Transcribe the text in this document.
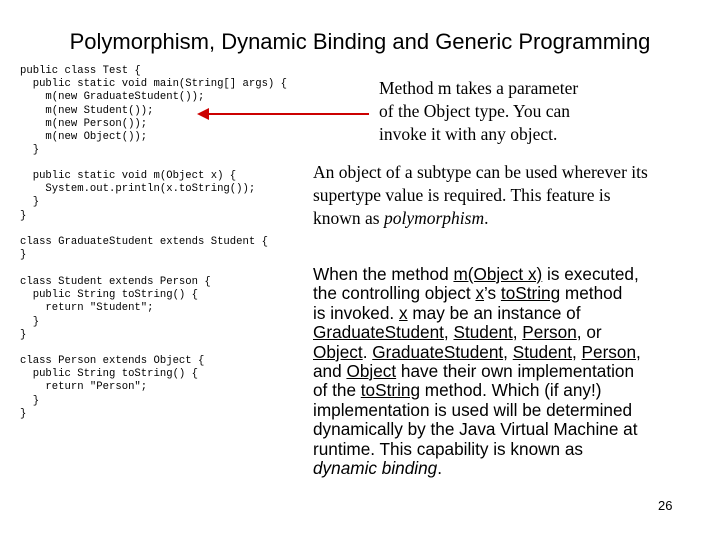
Polymorphism, Dynamic Binding and Generic Programming
public class Test {
public static void main(String[] args) {
m(new GraduateStudent());
m(new Student());
m(new Person());
m(new Object());
}
public static void m(Object x) {
System.out.println(x.toString());
}
}
class GraduateStudent extends Student {
}
class Student extends Person {
public String toString() {
return "Student";
}
}
class Person extends Object {
public String toString() {
return "Person";
}
}
Method m takes a parameter
of the Object type. You can
invoke it with any object.
An object of a subtype can be used wherever its
supertype value is required. This feature is
known as polymorphism.
When the method m(Object x) is executed,
the controlling object x’s toString method
is invoked. x may be an instance of
GraduateStudent, Student, Person, or
Object. GraduateStudent, Student, Person,
and Object have their own implementation
of the toString method. Which (if any!)
implementation is used will be determined
dynamically by the Java Virtual Machine at
runtime. This capability is known as
dynamic binding.
26
